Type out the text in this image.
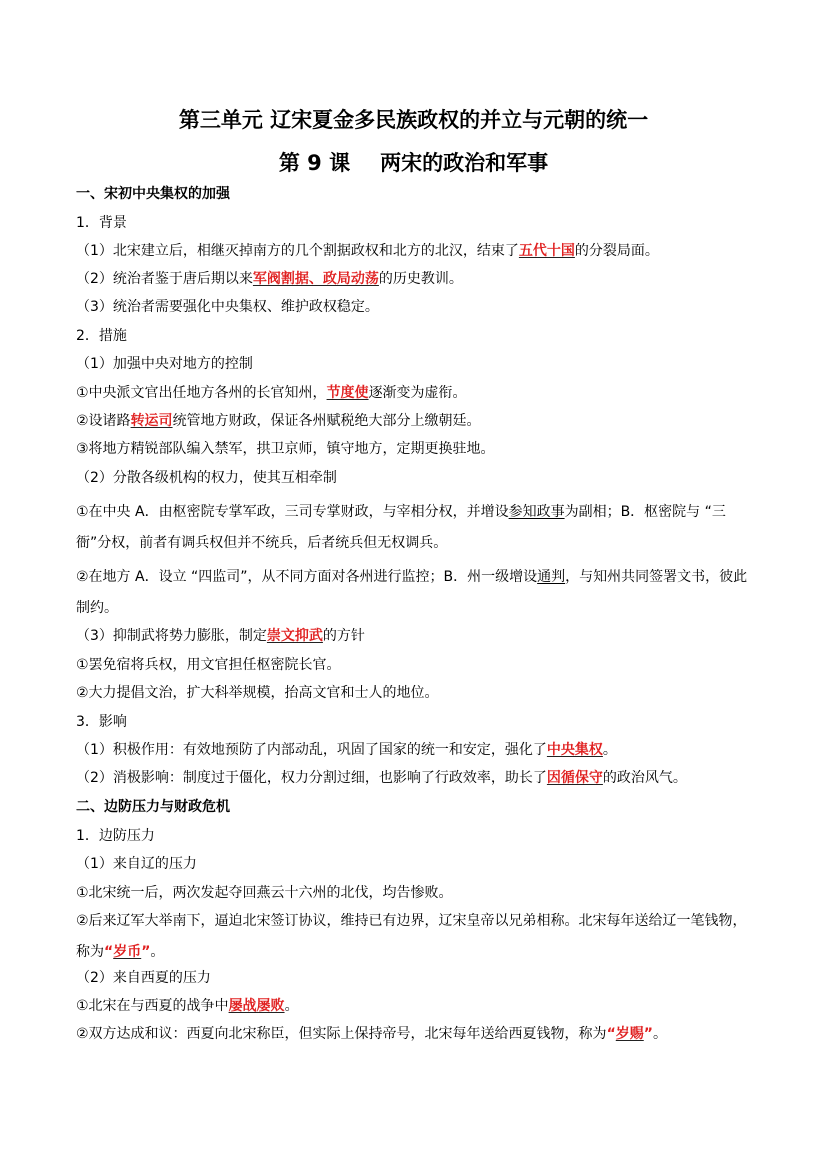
第三单元 辽宋夏金多民族政权的并立与元朝的统一
第 9 课 两宋的政治和军事
一、宋初中央集权的加强
1．背景
（1）北宋建立后，相继灭掉南方的几个割据政权和北方的北汉，结束了五代十国的分裂局面。
（2）统治者鉴于唐后期以来军阀割据、政局动荡的历史教训。
（3）统治者需要强化中央集权、维护政权稳定。
2．措施
（1）加强中央对地方的控制
①中央派文官出任地方各州的长官知州，节度使逐渐变为虚衔。
②设诸路转运司统管地方财政，保证各州赋税绝大部分上缴朝廷。
③将地方精锐部队编入禁军，拱卫京师，镇守地方，定期更换驻地。
（2）分散各级机构的权力，使其互相牵制
①在中央 A．由枢密院专掌军政，三司专掌财政，与宰相分权，并增设参知政事为副相；B．枢密院与 “三衙”分权，前者有调兵权但并不统兵，后者统兵但无权调兵。
②在地方 A．设立 “四监司”，从不同方面对各州进行监控；B．州一级增设通判，与知州共同签署文书，彼此制约。
（3）抑制武将势力膨胀，制定崇文抑武的方针
①罢免宿将兵权，用文官担任枢密院长官。
②大力提倡文治，扩大科举规模，抬高文官和士人的地位。
3．影响
（1）积极作用：有效地预防了内部动乱，巩固了国家的统一和安定，强化了中央集权。
（2）消极影响：制度过于僵化，权力分割过细，也影响了行政效率，助长了因循保守的政治风气。
二、边防压力与财政危机
1．边防压力
（1）来自辽的压力
①北宋统一后，两次发起夺回燕云十六州的北伐，均告惨败。
②后来辽军大举南下，逼迫北宋签订协议，维持已有边界，辽宋皇帝以兄弟相称。北宋每年送给辽一笔钱物， 称为“岁币”。
（2）来自西夏的压力
①北宋在与西夏的战争中屡战屡败。
②双方达成和议：西夏向北宋称臣，但实际上保持帝号，北宋每年送给西夏钱物，称为“岁赐”。
